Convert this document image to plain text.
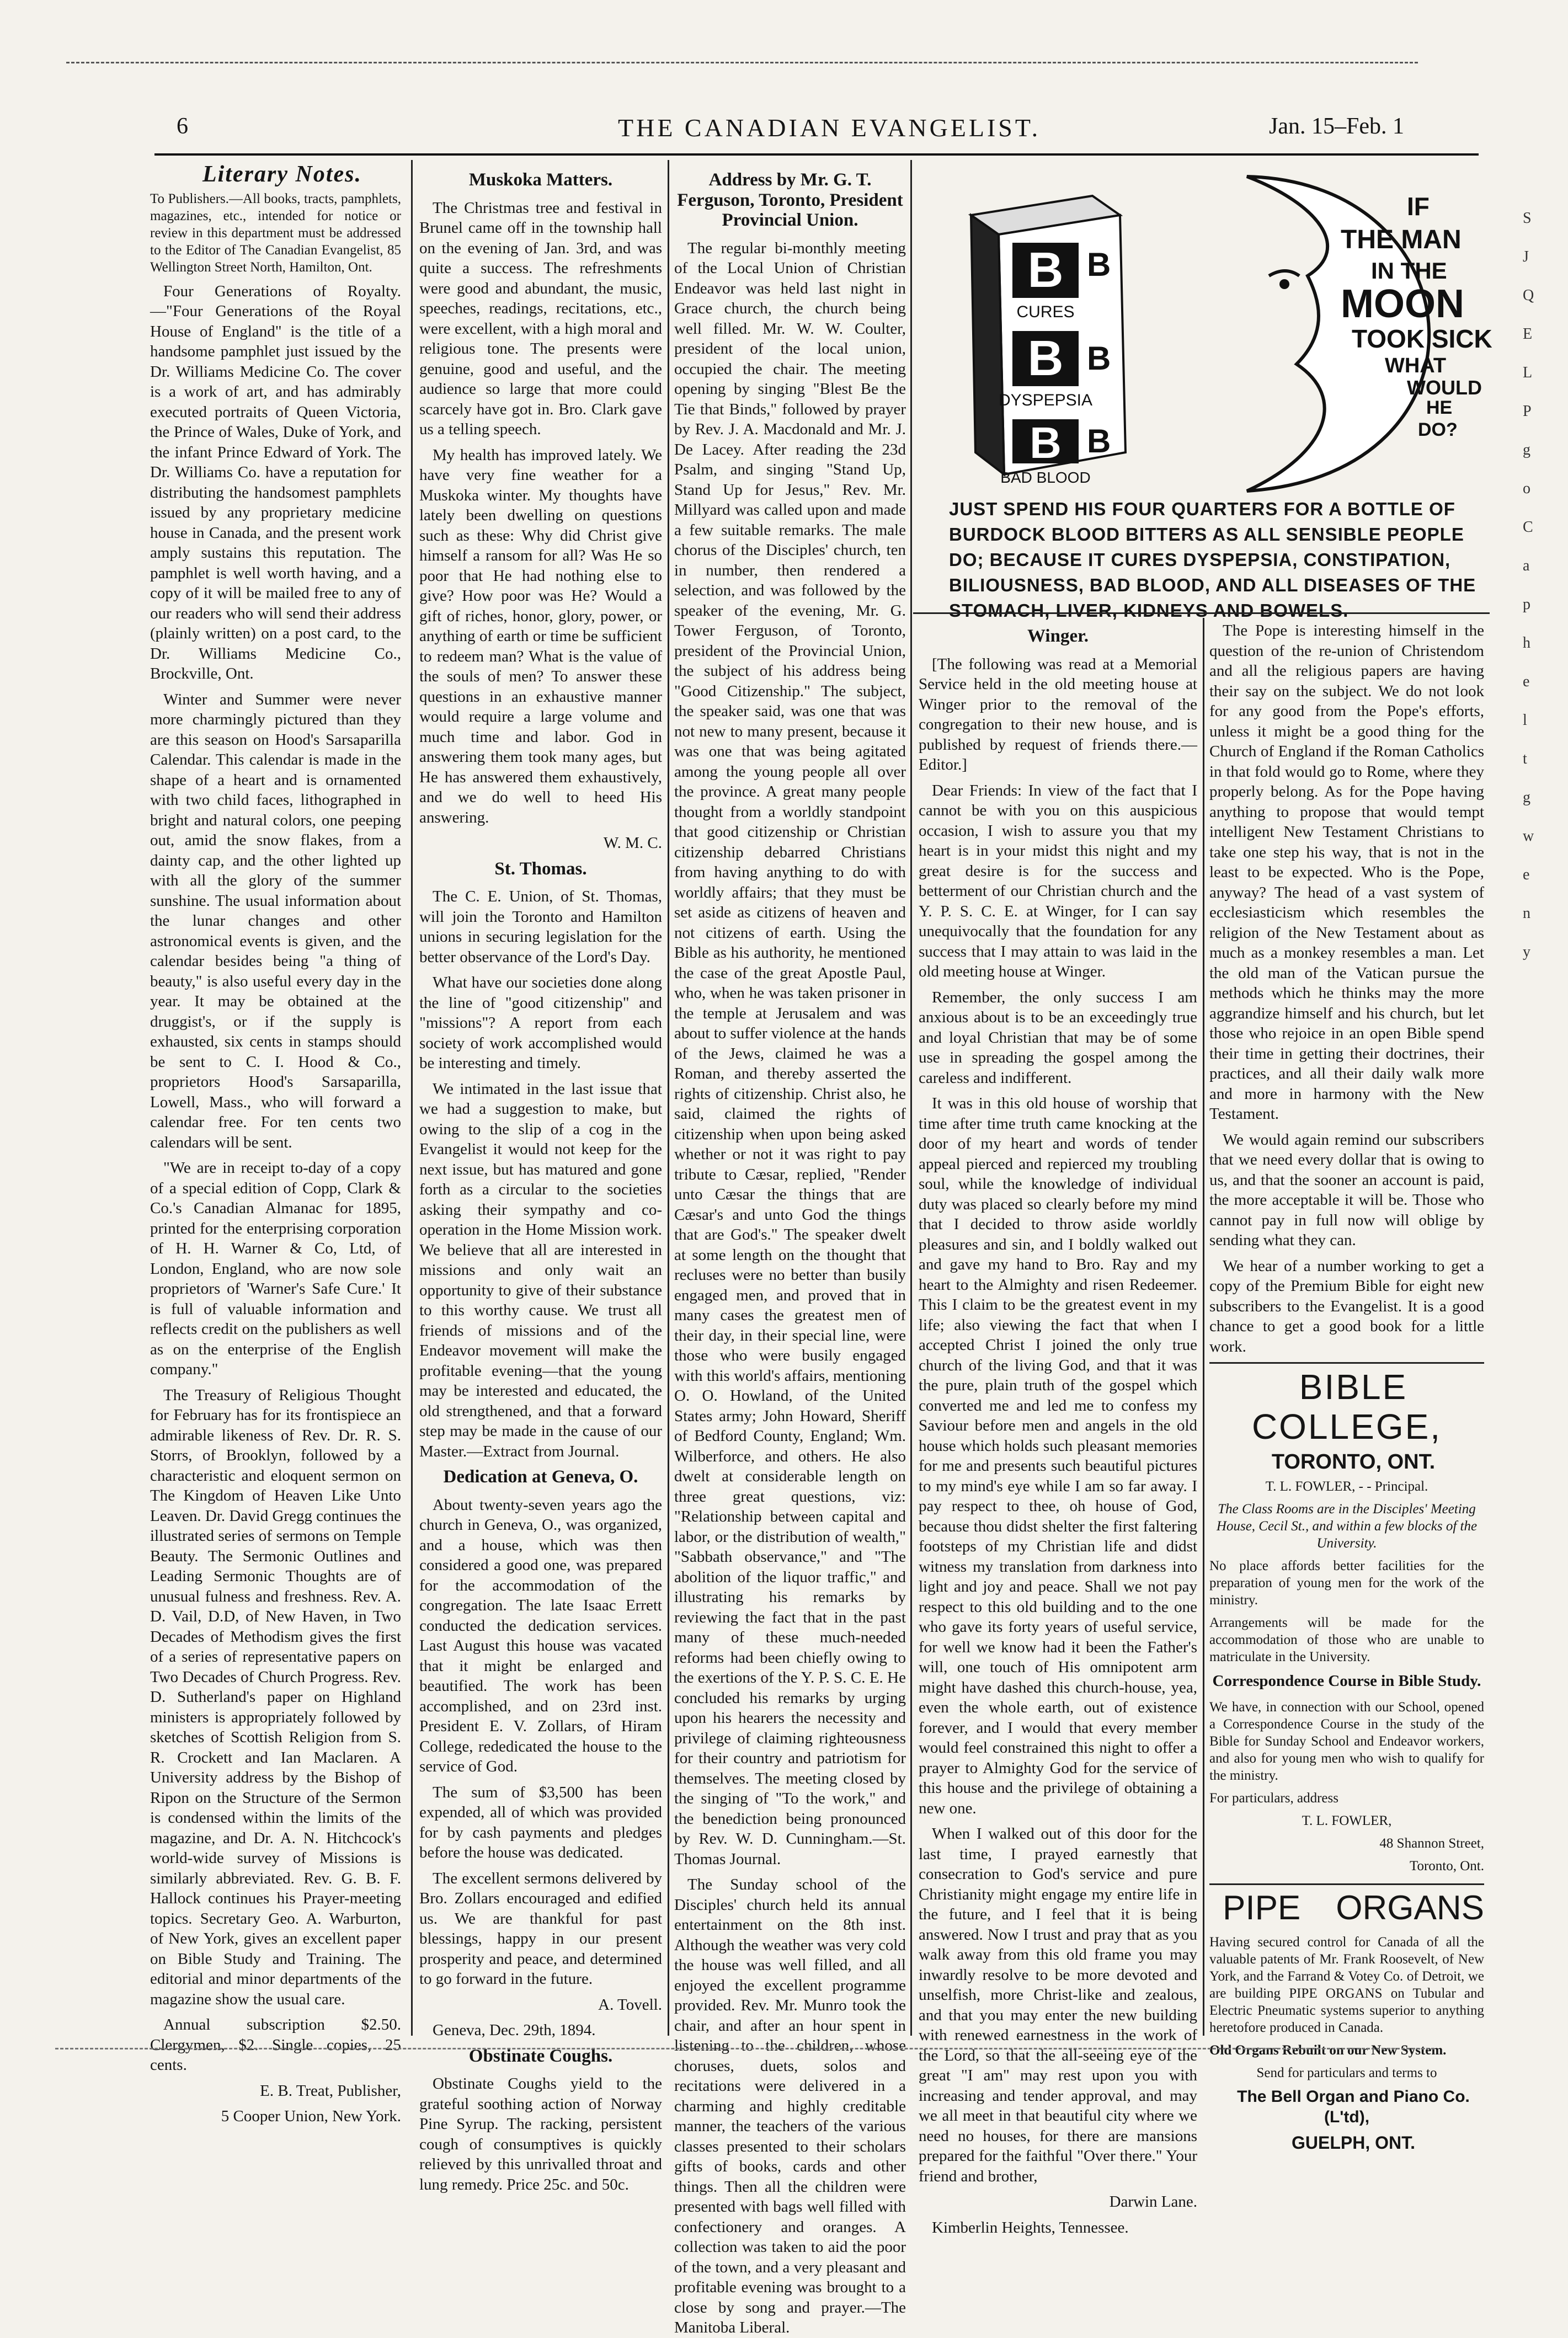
6	THE CANADIAN EVANGELIST.	Jan. 15–Feb. 1

Literary Notes.

To Publishers.—All books, tracts, pamphlets, magazines, etc., intended for notice or review in this department must be addressed to the Editor of The Canadian Evangelist, 85 Wellington Street North, Hamilton, Ont.

Four Generations of Royalty.—"Four Generations of the Royal House of England" is the title of a handsome pamphlet just issued by the Dr. Williams Medicine Co. The cover is a work of art, and has admirably executed portraits of Queen Victoria, the Prince of Wales, Duke of York, and the infant Prince Edward of York. The Dr. Williams Co. have a reputation for distributing the handsomest pamphlets issued by any proprietary medicine house in Canada, and the present work amply sustains this reputation. The pamphlet is well worth having, and a copy of it will be mailed free to any of our readers who will send their address (plainly written) on a post card, to the Dr. Williams Medicine Co., Brockville, Ont.

Winter and Summer were never more charmingly pictured than they are this season on Hood's Sarsaparilla Calendar. This calendar is made in the shape of a heart and is ornamented with two child faces, lithographed in bright and natural colors, one peeping out, amid the snow flakes, from a dainty cap, and the other lighted up with all the glory of the summer sunshine. The usual information about the lunar changes and other astronomical events is given, and the calendar besides being "a thing of beauty," is also useful every day in the year. It may be obtained at the druggist's, or if the supply is exhausted, six cents in stamps should be sent to C. I. Hood & Co., proprietors Hood's Sarsaparilla, Lowell, Mass., who will forward a calendar free. For ten cents two calendars will be sent.

"We are in receipt to-day of a copy of a special edition of Copp, Clark & Co.'s Canadian Almanac for 1895, printed for the enterprising corporation of H. H. Warner & Co, Ltd, of London, England, who are now sole proprietors of 'Warner's Safe Cure.' It is full of valuable information and reflects credit on the publishers as well as on the enterprise of the English company."

The Treasury of Religious Thought for February has for its frontispiece an admirable likeness of Rev. Dr. R. S. Storrs, of Brooklyn, followed by a characteristic and eloquent sermon on The Kingdom of Heaven Like Unto Leaven. Dr. David Gregg continues the illustrated series of sermons on Temple Beauty. The Sermonic Outlines and Leading Sermonic Thoughts are of unusual fulness and freshness. Rev. A. D. Vail, D.D, of New Haven, in Two Decades of Methodism gives the first of a series of representative papers on Two Decades of Church Progress. Rev. D. Sutherland's paper on Highland ministers is appropriately followed by sketches of Scottish Religion from S. R. Crockett and Ian Maclaren. A University address by the Bishop of Ripon on the Structure of the Sermon is condensed within the limits of the magazine, and Dr. A. N. Hitchcock's world-wide survey of Missions is similarly abbreviated. Rev. G. B. F. Hallock continues his Prayer-meeting topics. Secretary Geo. A. Warburton, of New York, gives an excellent paper on Bible Study and Training. The editorial and minor departments of the magazine show the usual care.

Annual subscription $2.50. Clergymen, $2. Single copies, 25 cents.

E. B. Treat, Publisher,

5 Cooper Union, New York.

Muskoka Matters.

The Christmas tree and festival in Brunel came off in the township hall on the evening of Jan. 3rd, and was quite a success. The refreshments were good and abundant, the music, speeches, readings, recitations, etc., were excellent, with a high moral and religious tone. The presents were genuine, good and useful, and the audience so large that more could scarcely have got in. Bro. Clark gave us a telling speech.

My health has improved lately. We have very fine weather for a Muskoka winter. My thoughts have lately been dwelling on questions such as these: Why did Christ give himself a ransom for all? Was He so poor that He had nothing else to give? How poor was He? Would a gift of riches, honor, glory, power, or anything of earth or time be sufficient to redeem man? What is the value of the souls of men? To answer these questions in an exhaustive manner would require a large volume and much time and labor. God in answering them took many ages, but He has answered them exhaustively, and we do well to heed His answering.

W. M. C.

St. Thomas.

The C. E. Union, of St. Thomas, will join the Toronto and Hamilton unions in securing legislation for the better observance of the Lord's Day.

What have our societies done along the line of "good citizenship" and "missions"? A report from each society of work accomplished would be interesting and timely.

We intimated in the last issue that we had a suggestion to make, but owing to the slip of a cog in the Evangelist it would not keep for the next issue, but has matured and gone forth as a circular to the societies asking their sympathy and co-operation in the Home Mission work. We believe that all are interested in missions and only wait an opportunity to give of their substance to this worthy cause. We trust all friends of missions and of the Endeavor movement will make the profitable evening—that the young may be interested and educated, the old strengthened, and that a forward step may be made in the cause of our Master.—Extract from Journal.

Dedication at Geneva, O.

About twenty-seven years ago the church in Geneva, O., was organized, and a house, which was then considered a good one, was prepared for the accommodation of the congregation. The late Isaac Errett conducted the dedication services. Last August this house was vacated that it might be enlarged and beautified. The work has been accomplished, and on 23rd inst. President E. V. Zollars, of Hiram College, rededicated the house to the service of God.

The sum of $3,500 has been expended, all of which was provided for by cash payments and pledges before the house was dedicated.

The excellent sermons delivered by Bro. Zollars encouraged and edified us. We are thankful for past blessings, happy in our present prosperity and peace, and determined to go forward in the future.

A. Tovell.

Geneva, Dec. 29th, 1894.

Obstinate Coughs.

Obstinate Coughs yield to the grateful soothing action of Norway Pine Syrup. The racking, persistent cough of consumptives is quickly relieved by this unrivalled throat and lung remedy. Price 25c. and 50c.

Address by Mr. G. T. Ferguson, Toronto, President Provincial Union.

The regular bi-monthly meeting of the Local Union of Christian Endeavor was held last night in Grace church, the church being well filled. Mr. W. W. Coulter, president of the local union, occupied the chair. The meeting opening by singing "Blest Be the Tie that Binds," followed by prayer by Rev. J. A. Macdonald and Mr. J. De Lacey. After reading the 23d Psalm, and singing "Stand Up, Stand Up for Jesus," Rev. Mr. Millyard was called upon and made a few suitable remarks. The male chorus of the Disciples' church, ten in number, then rendered a selection, and was followed by the speaker of the evening, Mr. G. Tower Ferguson, of Toronto, president of the Provincial Union, the subject of his address being "Good Citizenship." The subject, the speaker said, was one that was not new to many present, because it was one that was being agitated among the young people all over the province. A great many people thought from a worldly standpoint that good citizenship or Christian citizenship debarred Christians from having anything to do with worldly affairs; that they must be set aside as citizens of heaven and not citizens of earth. Using the Bible as his authority, he mentioned the case of the great Apostle Paul, who, when he was taken prisoner in the temple at Jerusalem and was about to suffer violence at the hands of the Jews, claimed he was a Roman, and thereby asserted the rights of citizenship. Christ also, he said, claimed the rights of citizenship when upon being asked whether or not it was right to pay tribute to Cæsar, replied, "Render unto Cæsar the things that are Cæsar's and unto God the things that are God's." The speaker dwelt at some length on the thought that recluses were no better than busily engaged men, and proved that in many cases the greatest men of their day, in their special line, were those who were busily engaged with this world's affairs, mentioning O. O. Howland, of the United States army; John Howard, Sheriff of Bedford County, England; Wm. Wilberforce, and others. He also dwelt at considerable length on three great questions, viz: "Relationship between capital and labor, or the distribution of wealth," "Sabbath observance," and "The abolition of the liquor traffic," and illustrating his remarks by reviewing the fact that in the past many of these much-needed reforms had been chiefly owing to the exertions of the Y. P. S. C. E. He concluded his remarks by urging upon his hearers the necessity and privilege of claiming righteousness for their country and patriotism for themselves. The meeting closed by the singing of "To the work," and the benediction being pronounced by Rev. W. D. Cunningham.—St. Thomas Journal.

The Sunday school of the Disciples' church held its annual entertainment on the 8th inst. Although the weather was very cold the house was well filled, and all enjoyed the excellent programme provided. Rev. Mr. Munro took the chair, and after an hour spent in listening to the children, whose choruses, duets, solos and recitations were delivered in a charming and highly creditable manner, the teachers of the various classes presented to their scholars gifts of books, cards and other things. Then all the children were presented with bags well filled with confectionery and oranges. A collection was taken to aid the poor of the town, and a very pleasant and profitable evening was brought to a close by song and prayer.—The Manitoba Liberal.

B
B
B
B
B
B
CURES
DYSPEPSIA
BAD BLOOD
IF
THE MAN
IN THE
MOON
TOOK SICK
WHAT
WOULD
HE
DO?
JUST SPEND HIS FOUR QUARTERS FOR A BOTTLE OF BURDOCK BLOOD BITTERS AS ALL SENSIBLE PEOPLE DO; BECAUSE IT CURES DYSPEPSIA, CONSTIPATION, BILIOUSNESS, BAD BLOOD, AND ALL DISEASES OF THE STOMACH, LIVER, KIDNEYS AND BOWELS.

Winger.

[The following was read at a Memorial Service held in the old meeting house at Winger prior to the removal of the congregation to their new house, and is published by request of friends there.—Editor.]

Dear Friends: In view of the fact that I cannot be with you on this auspicious occasion, I wish to assure you that my heart is in your midst this night and my great desire is for the success and betterment of our Christian church and the Y. P. S. C. E. at Winger, for I can say unequivocally that the foundation for any success that I may attain to was laid in the old meeting house at Winger.

Remember, the only success I am anxious about is to be an exceedingly true and loyal Christian that may be of some use in spreading the gospel among the careless and indifferent.

It was in this old house of worship that time after time truth came knocking at the door of my heart and words of tender appeal pierced and repierced my troubling soul, while the knowledge of individual duty was placed so clearly before my mind that I decided to throw aside worldly pleasures and sin, and I boldly walked out and gave my hand to Bro. Ray and my heart to the Almighty and risen Redeemer. This I claim to be the greatest event in my life; also viewing the fact that when I accepted Christ I joined the only true church of the living God, and that it was the pure, plain truth of the gospel which converted me and led me to confess my Saviour before men and angels in the old house which holds such pleasant memories for me and presents such beautiful pictures to my mind's eye while I am so far away. I pay respect to thee, oh house of God, because thou didst shelter the first faltering footsteps of my Christian life and didst witness my translation from darkness into light and joy and peace. Shall we not pay respect to this old building and to the one who gave its forty years of useful service, for well we know had it been the Father's will, one touch of His omnipotent arm might have dashed this church-house, yea, even the whole earth, out of existence forever, and I would that every member would feel constrained this night to offer a prayer to Almighty God for the service of this house and the privilege of obtaining a new one.

When I walked out of this door for the last time, I prayed earnestly that consecration to God's service and pure Christianity might engage my entire life in the future, and I feel that it is being answered. Now I trust and pray that as you walk away from this old frame you may inwardly resolve to be more devoted and unselfish, more Christ-like and zealous, and that you may enter the new building with renewed earnestness in the work of the Lord, so that the all-seeing eye of the great "I am" may rest upon you with increasing and tender approval, and may we all meet in that beautiful city where we need no houses, for there are mansions prepared for the faithful "Over there." Your friend and brother,

Darwin Lane.

Kimberlin Heights, Tennessee.

The Pope is interesting himself in the question of the re-union of Christendom and all the religious papers are having their say on the subject. We do not look for any good from the Pope's efforts, unless it might be a good thing for the Church of England if the Roman Catholics in that fold would go to Rome, where they properly belong. As for the Pope having anything to propose that would tempt intelligent New Testament Christians to take one step his way, that is not in the least to be expected. Who is the Pope, anyway? The head of a vast system of ecclesiasticism which resembles the religion of the New Testament about as much as a monkey resembles a man. Let the old man of the Vatican pursue the methods which he thinks may the more aggrandize himself and his church, but let those who rejoice in an open Bible spend their time in getting their doctrines, their practices, and all their daily walk more and more in harmony with the New Testament.

We would again remind our subscribers that we need every dollar that is owing to us, and that the sooner an account is paid, the more acceptable it will be. Those who cannot pay in full now will oblige by sending what they can.

We hear of a number working to get a copy of the Premium Bible for eight new subscribers to the Evangelist. It is a good chance to get a good book for a little work.

BIBLE COLLEGE,

TORONTO, ONT.

T. L. FOWLER, - - Principal.

The Class Rooms are in the Disciples' Meeting House, Cecil St., and within a few blocks of the University.

No place affords better facilities for the preparation of young men for the work of the ministry.

Arrangements will be made for the accommodation of those who are unable to matriculate in the University.

Correspondence Course in Bible Study.

We have, in connection with our School, opened a Correspondence Course in the study of the Bible for Sunday School and Endeavor workers, and also for young men who wish to qualify for the ministry.

For particulars, address

T. L. FOWLER,

48 Shannon Street,

Toronto, Ont.

PIPE	ORGANS

Having secured control for Canada of all the valuable patents of Mr. Frank Roosevelt, of New York, and the Farrand & Votey Co. of Detroit, we are building PIPE ORGANS on Tubular and Electric Pneumatic systems superior to anything heretofore produced in Canada.

Old Organs Rebuilt on our New System.

Send for particulars and terms to

The Bell Organ and Piano Co. (L'td),

GUELPH, ONT.

S
J
Q
E
L
P
g
o
C
a
p
h
e
l
t
g
w
e
n
y
